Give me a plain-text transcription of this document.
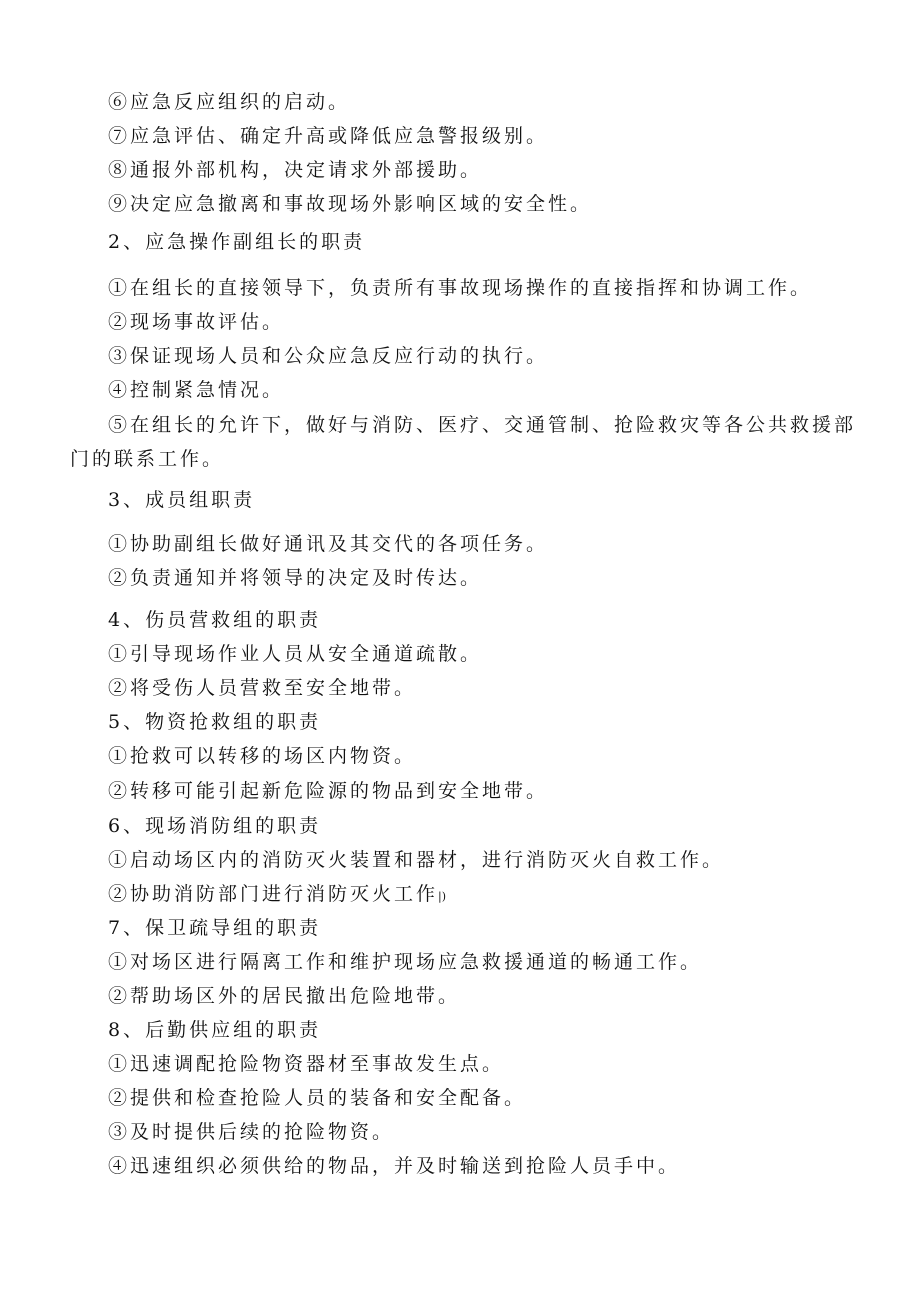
⑥应急反应组织的启动。

⑦应急评估、确定升高或降低应急警报级别。

⑧通报外部机构，决定请求外部援助。

⑨决定应急撤离和事故现场外影响区域的安全性。

2、应急操作副组长的职责

①在组长的直接领导下，负责所有事故现场操作的直接指挥和协调工作。

②现场事故评估。

③保证现场人员和公众应急反应行动的执行。

④控制紧急情况。

⑤在组长的允许下，做好与消防、医疗、交通管制、抢险救灾等各公共救援部门的联系工作。

3、成员组职责

①协助副组长做好通讯及其交代的各项任务。

②负责通知并将领导的决定及时传达。

4、伤员营救组的职责

①引导现场作业人员从安全通道疏散。

②将受伤人员营救至安全地带。

5、物资抢救组的职责

①抢救可以转移的场区内物资。

②转移可能引起新危险源的物品到安全地带。

6、现场消防组的职责

①启动场区内的消防灭火装置和器材，进行消防灭火自救工作。

②协助消防部门进行消防灭火工作|)

7、保卫疏导组的职责

①对场区进行隔离工作和维护现场应急救援通道的畅通工作。

②帮助场区外的居民撤出危险地带。

8、后勤供应组的职责

①迅速调配抢险物资器材至事故发生点。

②提供和检查抢险人员的装备和安全配备。

③及时提供后续的抢险物资。

④迅速组织必须供给的物品，并及时输送到抢险人员手中。
